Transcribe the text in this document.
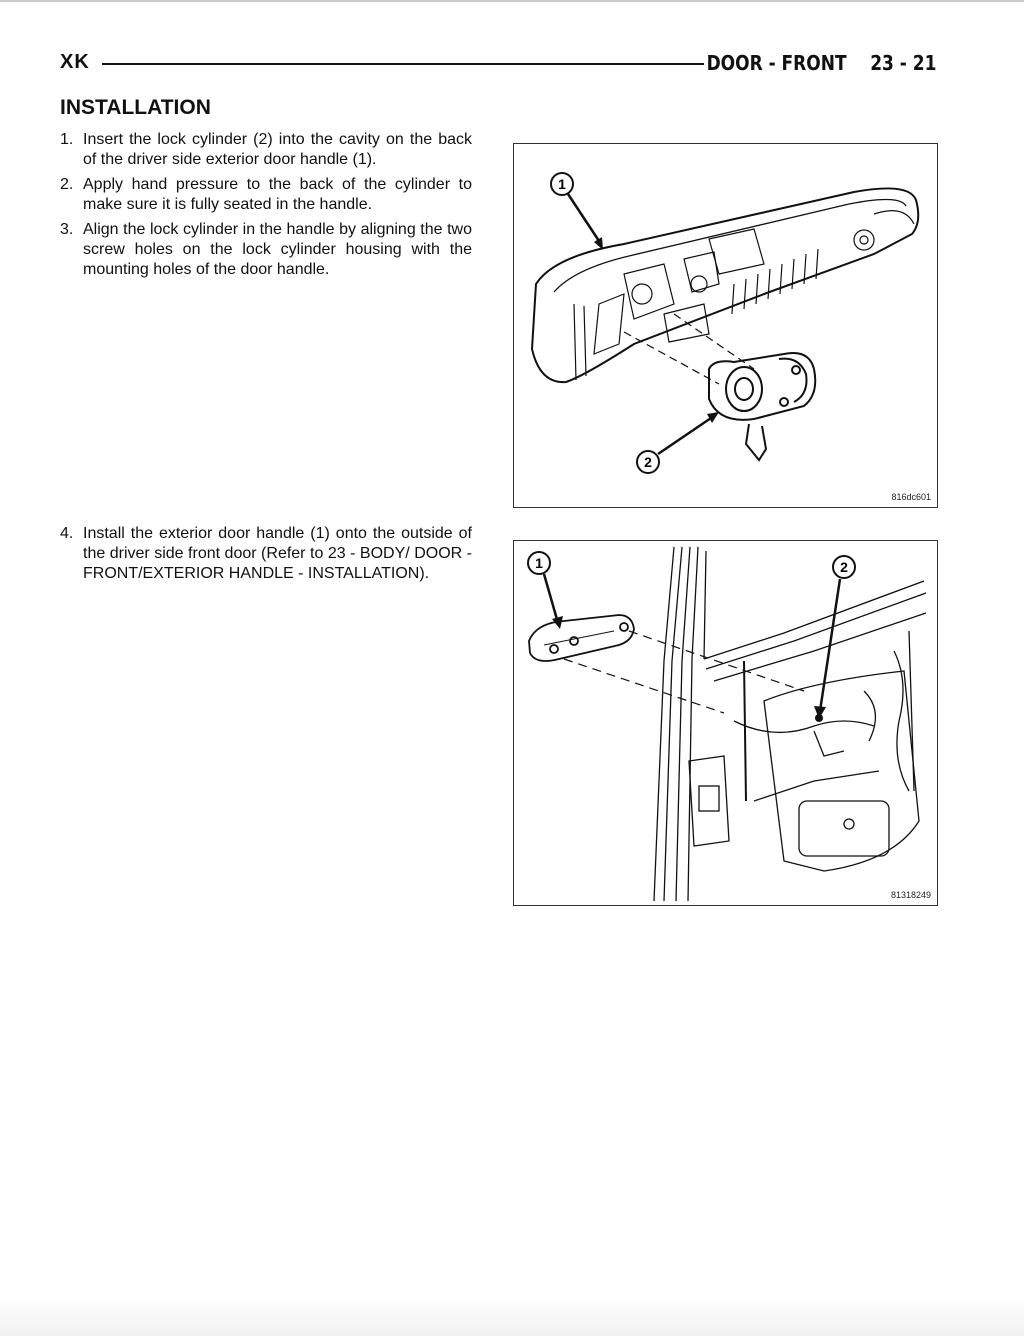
XK	DOOR - FRONT    23 - 21
INSTALLATION
1. Insert the lock cylinder (2) into the cavity on the back of the driver side exterior door handle (1).
2. Apply hand pressure to the back of the cylinder to make sure it is fully seated in the handle.
3. Align the lock cylinder in the handle by aligning the two screw holes on the lock cylinder housing with the mounting holes of the door handle.
4. Install the exterior door handle (1) onto the outside of the driver side front door (Refer to 23 - BODY/ DOOR - FRONT/EXTERIOR HANDLE - INSTALLATION).
1
2
816dc601
1	2
81318249
